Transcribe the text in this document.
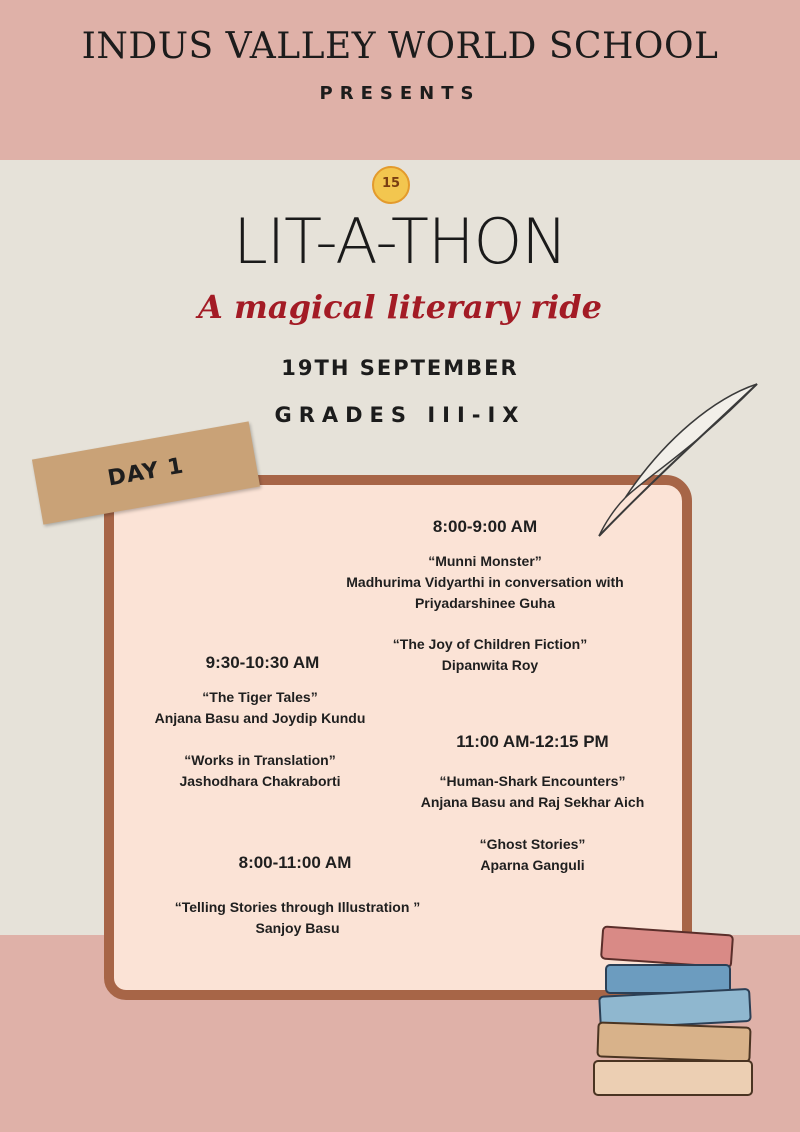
INDUS VALLEY WORLD SCHOOL
PRESENTS
15
LIT-A-THON
A magical literary ride
19TH SEPTEMBER
GRADES III-IX
DAY 1
8:00-9:00 AM
“Munni Monster”
Madhurima Vidyarthi in conversation with
Priyadarshinee Guha
“The Joy of Children Fiction”
Dipanwita Roy
9:30-10:30 AM
“The Tiger Tales”
Anjana Basu and Joydip Kundu
“Works in Translation”
Jashodhara Chakraborti
11:00 AM-12:15 PM
“Human-Shark Encounters”
Anjana Basu and Raj Sekhar Aich
“Ghost Stories”
Aparna Ganguli
8:00-11:00 AM
“Telling Stories through Illustration ”
Sanjoy Basu
